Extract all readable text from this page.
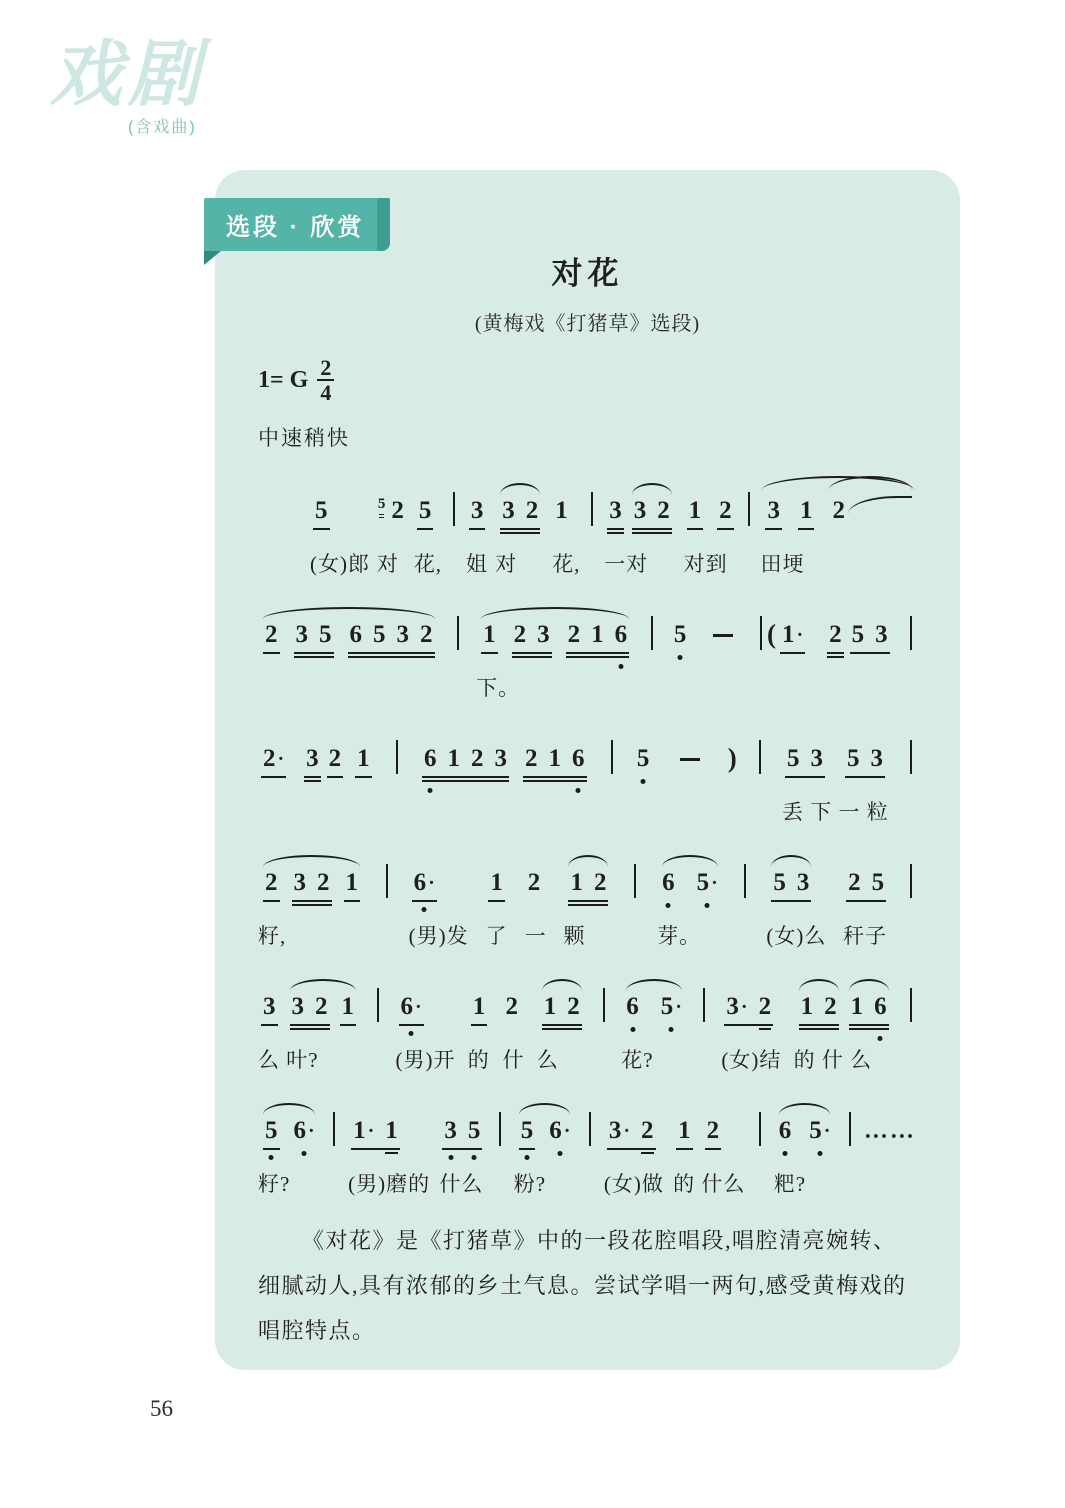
戏剧
(含戏曲)
选段 · 欣赏
对花
(黄梅戏《打猪草》选段)
1= G $\frac{2}{4}$
中速稍快
5
(女)郎
5 2
对
5
花,
3
姐
3 2
对
1
花,
3 3 2
一对
1 2
对到
3 1 2
田埂
2 3 5 6 5 3 2 1 2 3 2 1 6
下。
5	( 1 · 2 5 3
2 · 3 2 1 6 1 2 3 2 1 6 5	) 5 3 5 3
丢 下 一 粒
2 3 2 1
籽,
6 ·
(男)发
1
了
2
一
1 2
颗
6 5 ·
芽。
5 3
(女)么
2 5
秆子
3 3 2 1
么 叶?
6 ·
(男)开
1
的
2
什
1 2
么
6 5 ·
花?
3 · 2
(女)结
1 2 1 6
的 什 么
5 6 ·
籽?
1 · 1
(男)磨的
3 5
什么
5 6 ·
粉?
3 · 2
(女)做
1 2
的 什么
6 5 ·
粑?
……
《对花》是《打猪草》中的一段花腔唱段,唱腔清亮婉转、细腻动人,具有浓郁的乡土气息。尝试学唱一两句,感受黄梅戏的唱腔特点。
56
